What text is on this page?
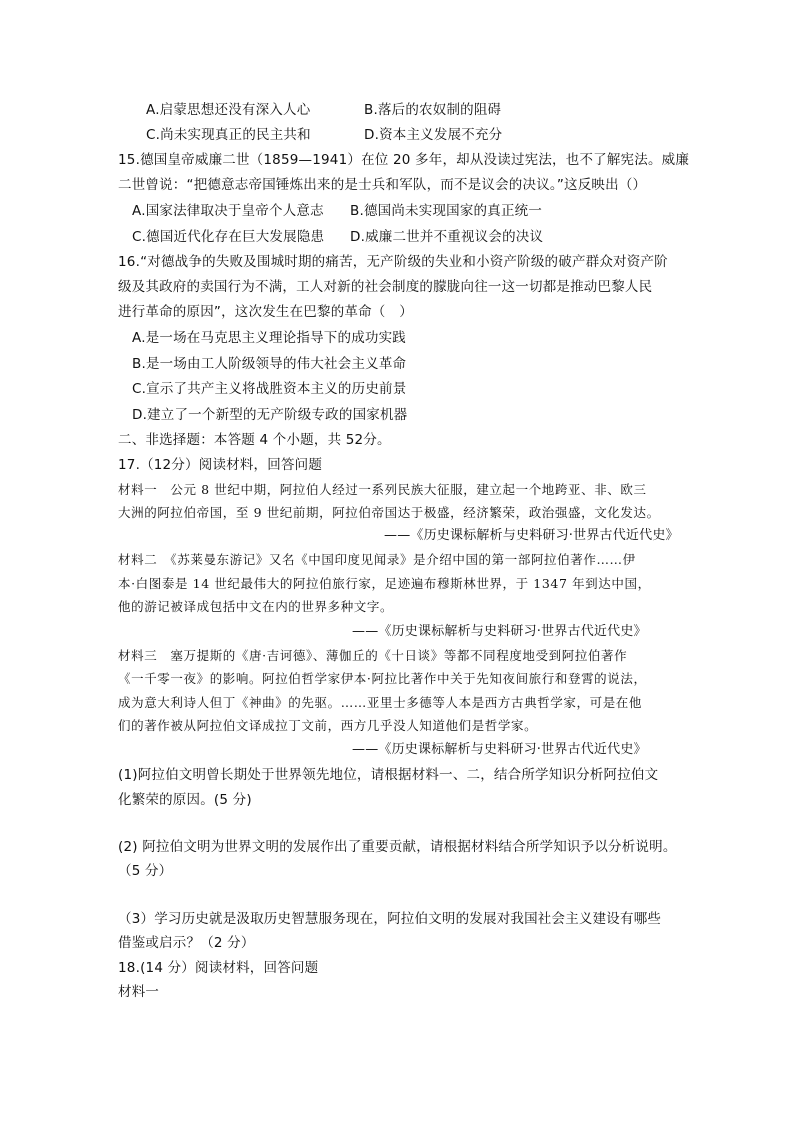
A.启蒙思想还没有深入人心	B.落后的农奴制的阻碍
C.尚未实现真正的民主共和	D.资本主义发展不充分
15.德国皇帝威廉二世（1859—1941）在位 20 多年，却从没读过宪法，也不了解宪法。威廉
二世曾说：“把德意志帝国锤炼出来的是士兵和军队，而不是议会的决议。”这反映出（）
A.国家法律取决于皇帝个人意志 B.德国尚未实现国家的真正统一
C.德国近代化存在巨大发展隐患 D.威廉二世并不重视议会的决议
16.“对德战争的失败及围城时期的痛苦，无产阶级的失业和小资产阶级的破产群众对资产阶
级及其政府的卖国行为不满，工人对新的社会制度的朦胧向往一这一切都是推动巴黎人民
进行革命的原因”，这次发生在巴黎的革命（　）
A.是一场在马克思主义理论指导下的成功实践
B.是一场由工人阶级领导的伟大社会主义革命
C.宣示了共产主义将战胜资本主义的历史前景
D.建立了一个新型的无产阶级专政的国家机器
二、非选择题：本答题 4 个小题，共 52分。
17.（12分）阅读材料，回答问题
材料一　公元 8 世纪中期，阿拉伯人经过一系列民族大征服，建立起一个地跨亚、非、欧三
大洲的阿拉伯帝国，至 9 世纪前期，阿拉伯帝国达于极盛，经济繁荣，政治强盛，文化发达。
——《历史课标解析与史料研习·世界古代近代史》
材料二　《苏莱曼东游记》又名《中国印度见闻录》是介绍中国的第一部阿拉伯著作……伊
本·白图泰是 14 世纪最伟大的阿拉伯旅行家，足迹遍布穆斯林世界，于 1347 年到达中国，
他的游记被译成包括中文在内的世界多种文字。
——《历史课标解析与史料研习·世界古代近代史》
材料三　塞万提斯的《唐·吉诃德》、薄伽丘的《十日谈》等都不同程度地受到阿拉伯著作
《一千零一夜》的影响。阿拉伯哲学家伊本·阿拉比著作中关于先知夜间旅行和登霄的说法，
成为意大利诗人但丁《神曲》的先驱。……亚里士多德等人本是西方古典哲学家，可是在他
们的著作被从阿拉伯文译成拉丁文前，西方几乎没人知道他们是哲学家。
——《历史课标解析与史料研习·世界古代近代史》
(1)阿拉伯文明曾长期处于世界领先地位，请根据材料一、二，结合所学知识分析阿拉伯文
化繁荣的原因。(5 分)
(2) 阿拉伯文明为世界文明的发展作出了重要贡献，请根据材料结合所学知识予以分析说明。
（5 分）
（3）学习历史就是汲取历史智慧服务现在，阿拉伯文明的发展对我国社会主义建设有哪些
借鉴或启示？（2 分）
18.(14 分）阅读材料，回答问题
材料一
